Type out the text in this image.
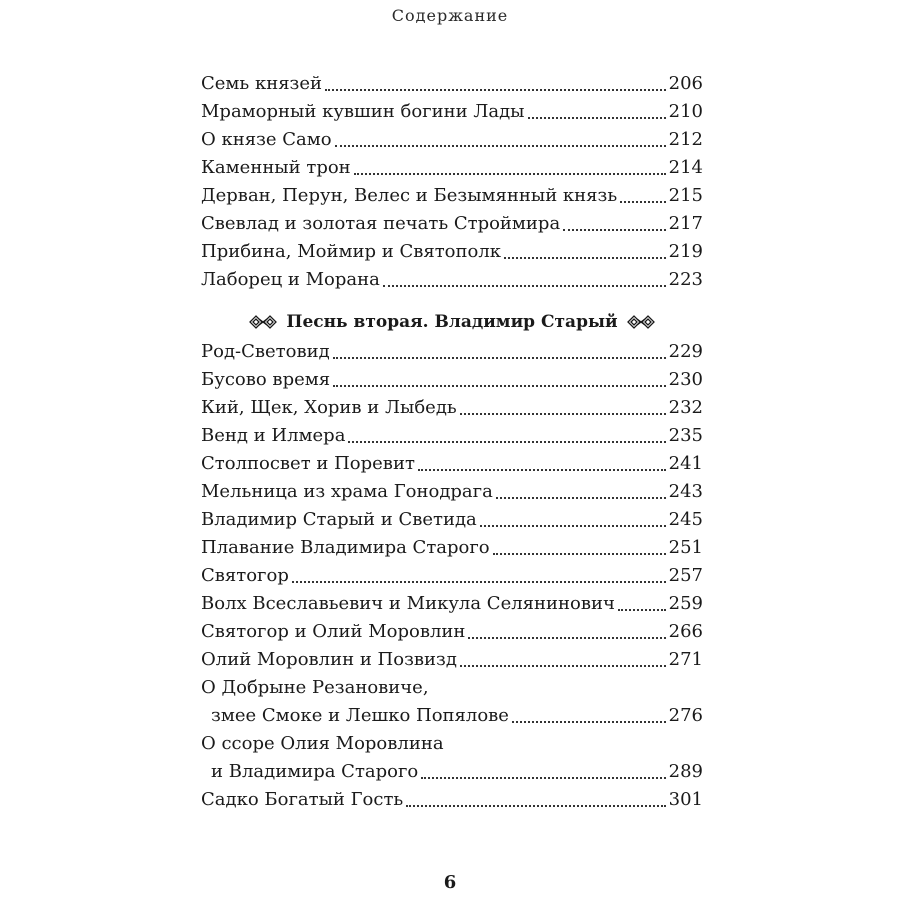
Содержание
Семь князей	206
Мраморный кувшин богини Лады	210
О князе Само	212
Каменный трон	214
Дерван, Перун, Велес и Безымянный князь	215
Свевлад и золотая печать Строймира	217
Прибина, Моймир и Святополк	219
Лаборец и Морана	223
Песнь вторая. Владимир Старый
Род-Световид	229
Бусово время	230
Кий, Щек, Хорив и Лыбедь	232
Венд и Илмера	235
Столпосвет и Поревит	241
Мельница из храма Гонодрага	243
Владимир Старый и Светида	245
Плавание Владимира Старого	251
Святогор	257
Волх Всеславьевич и Микула Селянинович	259
Святогор и Олий Моровлин	266
Олий Моровлин и Позвизд	271
О Добрыне Резановиче,
змее Смоке и Лешко Попялове	276
О ссоре Олия Моровлина
и Владимира Старого	289
Садко Богатый Гость	301
6
